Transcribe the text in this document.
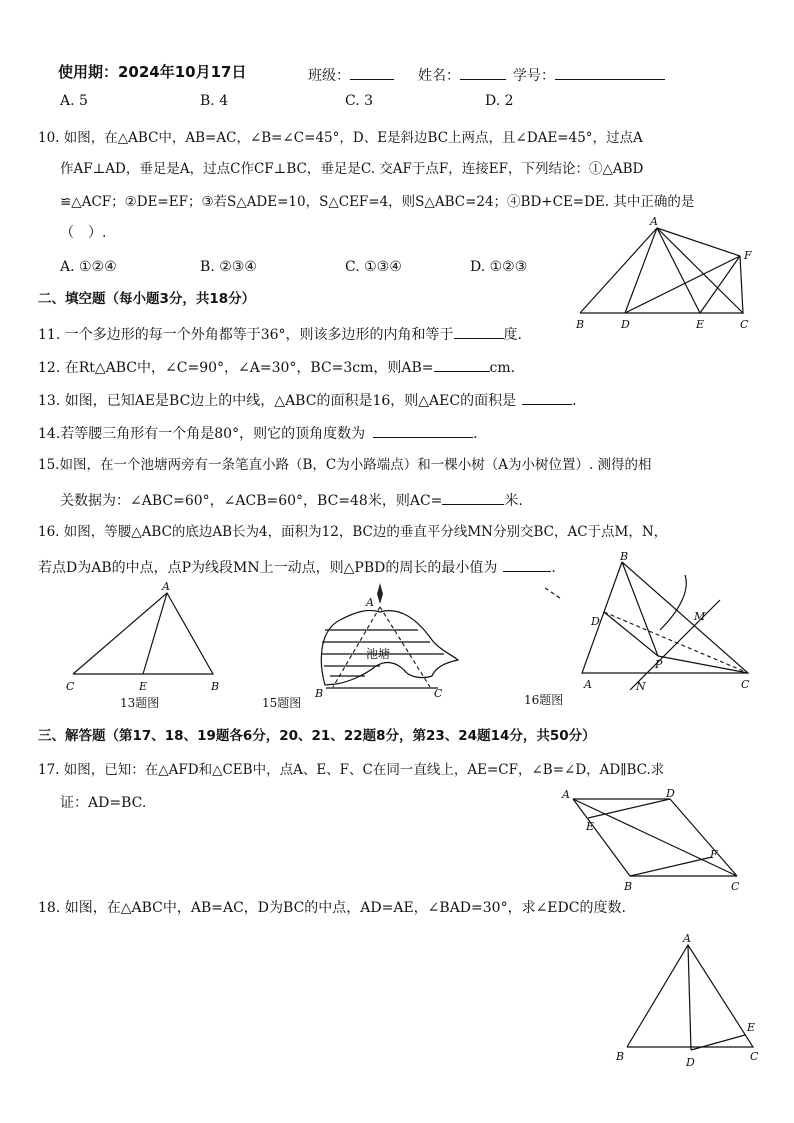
使用期：2024年10月17日	班级：	姓名：	学号：
A. 5	B. 4	C. 3	D. 2
10. 如图，在△ABC中，AB=AC，∠B=∠C=45°，D、E是斜边BC上两点，且∠DAE=45°，过点A
作AF⊥AD，垂足是A，过点C作CF⊥BC，垂足是C. 交AF于点F，连接EF，下列结论：①△ABD
≌△ACF；②DE=EF；③若S△ADE=10，S△CEF=4，则S△ABC=24；④BD+CE=DE. 其中正确的是
（　）.
A. ①②④	B. ②③④	C. ①③④	D. ①②③
二、填空题（每小题3分，共18分）
11. 一个多边形的每一个外角都等于36°，则该多边形的内角和等于	度.
12. 在Rt△ABC中，∠C=90°，∠A=30°，BC=3cm，则AB=	cm.
13. 如图，已知AE是BC边上的中线，△ABC的面积是16，则△AEC的面积是	.
14.若等腰三角形有一个角是80°，则它的顶角度数为	.
15.如图，在一个池塘两旁有一条笔直小路（B，C为小路端点）和一棵小树（A为小树位置）. 测得的相
关数据为：∠ABC=60°，∠ACB=60°，BC=48米，则AC=	米.
16. 如图，等腰△ABC的底边AB长为4，面积为12，BC边的垂直平分线MN分别交BC，AC于点M，N，
若点D为AB的中点，点P为线段MN上一动点，则△PBD的周长的最小值为	.
三、解答题（第17、18、19题各6分，20、21、22题8分，第23、24题14分，共50分）
17. 如图，已知：在△AFD和△CEB中，点A、E、F、C在同一直线上，AE=CF，∠B=∠D，AD∥BC.求
证：AD=BC.
18. 如图，在△ABC中，AB=AC，D为BC的中点，AD=AE，∠BAD=30°，求∠EDC的度数.
A
F
B	D	E	C
A
C	E	B
13题图
A
B	C
池塘
15题图
B
M
D
P
A	N	C
16题图
A	D
E
F
B	C
A
E
B	D	C
